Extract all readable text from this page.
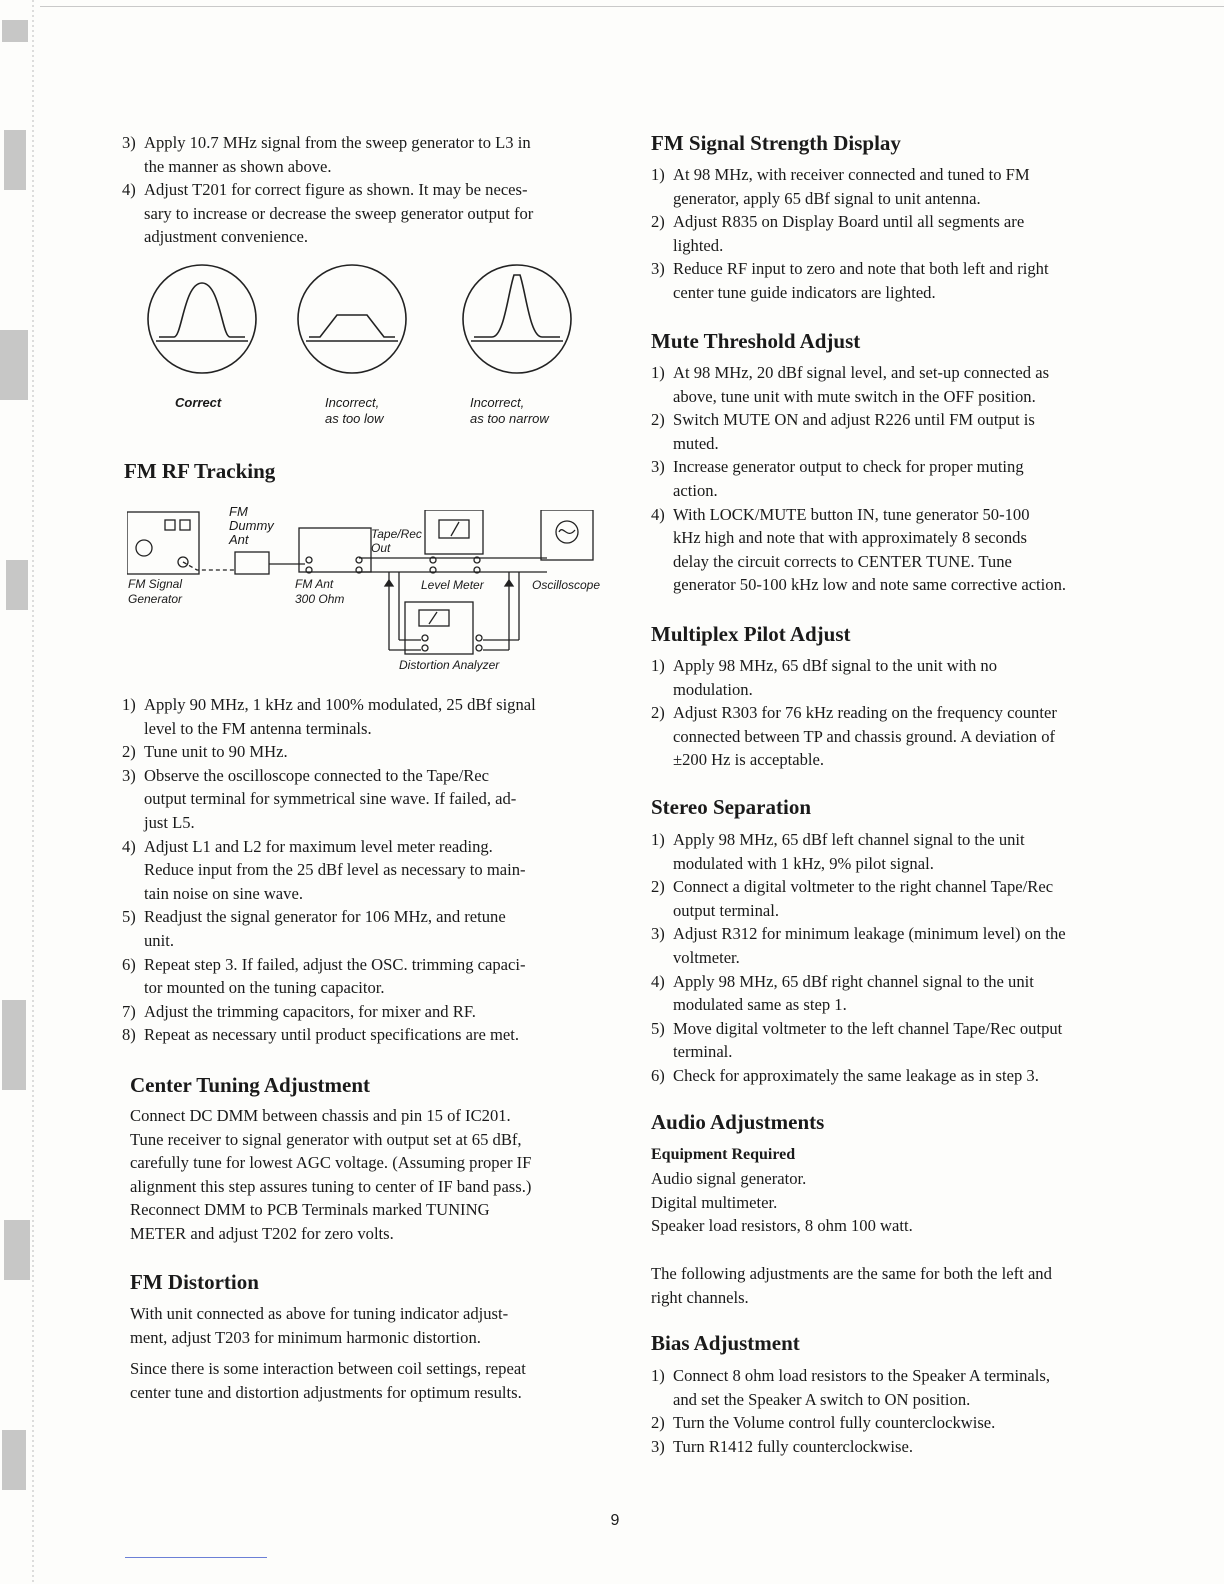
3) Apply 10.7 MHz signal from the sweep generator to L3 in
the manner as shown above.
4) Adjust T201 for correct figure as shown. It may be neces-
sary to increase or decrease the sweep generator output for
adjustment convenience.
Correct	Incorrect,
as too low
Incorrect,
as too narrow
FM RF Tracking
FM
Dummy
Ant	Tape/Rec
Out
FM Signal
Generator
FM Ant
300 Ohm
Level Meter	Oscilloscope
Distortion Analyzer
1) Apply 90 MHz, 1 kHz and 100% modulated, 25 dBf signal
level to the FM antenna terminals.
2) Tune unit to 90 MHz.
3) Observe the oscilloscope connected to the Tape/Rec
output terminal for symmetrical sine wave. If failed, ad-
just L5.
4) Adjust L1 and L2 for maximum level meter reading.
Reduce input from the 25 dBf level as necessary to main-
tain noise on sine wave.
5) Readjust the signal generator for 106 MHz, and retune
unit.
6) Repeat step 3. If failed, adjust the OSC. trimming capaci-
tor mounted on the tuning capacitor.
7) Adjust the trimming capacitors, for mixer and RF.
8) Repeat as necessary until product specifications are met.
Center Tuning Adjustment

Connect DC DMM between chassis and pin 15 of IC201.
Tune receiver to signal generator with output set at 65 dBf,
carefully tune for lowest AGC voltage. (Assuming proper IF
alignment this step assures tuning to center of IF band pass.)
Reconnect DMM to PCB Terminals marked TUNING
METER and adjust T202 for zero volts.

FM Distortion

With unit connected as above for tuning indicator adjust-
ment, adjust T203 for minimum harmonic distortion.

Since there is some interaction between coil settings, repeat
center tune and distortion adjustments for optimum results.

FM Signal Strength Display
1) At 98 MHz, with receiver connected and tuned to FM
generator, apply 65 dBf signal to unit antenna.
2) Adjust R835 on Display Board until all segments are
lighted.
3) Reduce RF input to zero and note that both left and right
center tune guide indicators are lighted.
Mute Threshold Adjust
1) At 98 MHz, 20 dBf signal level, and set-up connected as
above, tune unit with mute switch in the OFF position.
2) Switch MUTE ON and adjust R226 until FM output is
muted.
3) Increase generator output to check for proper muting
action.
4) With LOCK/MUTE button IN, tune generator 50-100
kHz high and note that with approximately 8 seconds
delay the circuit corrects to CENTER TUNE. Tune
generator 50-100 kHz low and note same corrective action.
Multiplex Pilot Adjust
1) Apply 98 MHz, 65 dBf signal to the unit with no
modulation.
2) Adjust R303 for 76 kHz reading on the frequency counter
connected between TP and chassis ground. A deviation of
±200 Hz is acceptable.
Stereo Separation
1) Apply 98 MHz, 65 dBf left channel signal to the unit
modulated with 1 kHz, 9% pilot signal.
2) Connect a digital voltmeter to the right channel Tape/Rec
output terminal.
3) Adjust R312 for minimum leakage (minimum level) on the
voltmeter.
4) Apply 98 MHz, 65 dBf right channel signal to the unit
modulated same as step 1.
5) Move digital voltmeter to the left channel Tape/Rec output
terminal.
6) Check for approximately the same leakage as in step 3.
Audio Adjustments

Equipment Required

Audio signal generator.
Digital multimeter.
Speaker load resistors, 8 ohm 100 watt.

The following adjustments are the same for both the left and
right channels.

Bias Adjustment
1) Connect 8 ohm load resistors to the Speaker A terminals,
and set the Speaker A switch to ON position.
2) Turn the Volume control fully counterclockwise.
3) Turn R1412 fully counterclockwise.
9
